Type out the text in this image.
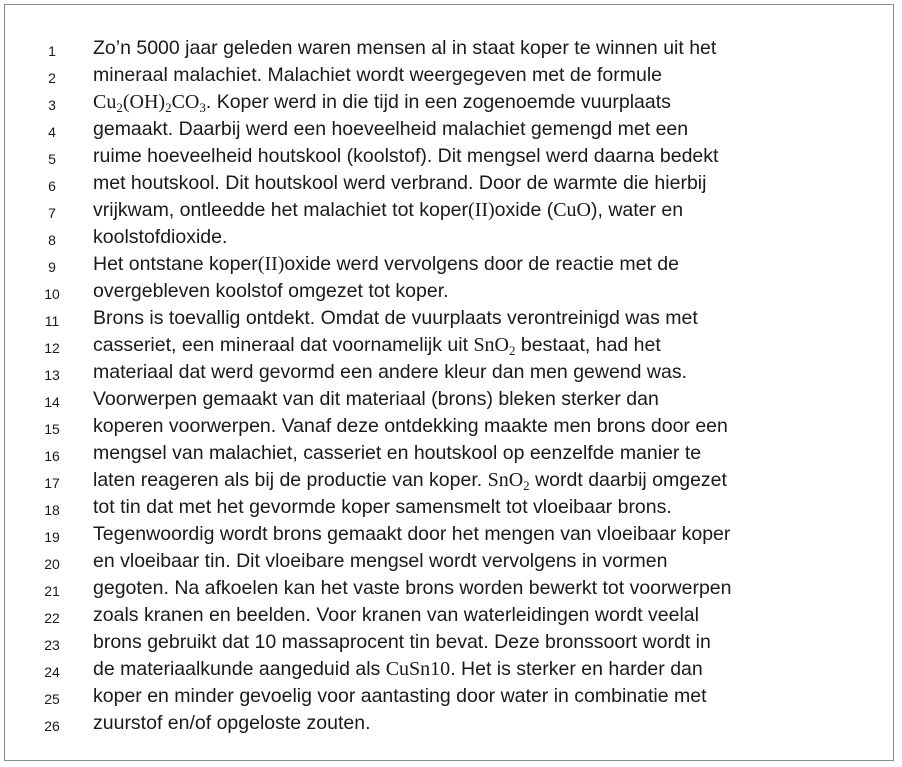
1	Zo’n 5000 jaar geleden waren mensen al in staat koper te winnen uit het
2	mineraal malachiet. Malachiet wordt weergegeven met de formule
3	$Cu_2(OH)_2CO_3$. Koper werd in die tijd in een zogenoemde vuurplaats
4	gemaakt. Daarbij werd een hoeveelheid malachiet gemengd met een
5	ruime hoeveelheid houtskool (koolstof). Dit mengsel werd daarna bedekt
6	met houtskool. Dit houtskool werd verbrand. Door de warmte die hierbij
7	vrijkwam, ontleedde het malachiet tot koper(II)oxide (CuO), water en
8	koolstofdioxide.
9	Het ontstane koper(II)oxide werd vervolgens door de reactie met de
10	overgebleven koolstof omgezet tot koper.
11	Brons is toevallig ontdekt. Omdat de vuurplaats verontreinigd was met
12	casseriet, een mineraal dat voornamelijk uit SnO$_2$ bestaat, had het
13	materiaal dat werd gevormd een andere kleur dan men gewend was.
14	Voorwerpen gemaakt van dit materiaal (brons) bleken sterker dan
15	koperen voorwerpen. Vanaf deze ontdekking maakte men brons door een
16	mengsel van malachiet, casseriet en houtskool op eenzelfde manier te
17	laten reageren als bij de productie van koper. SnO$_2$ wordt daarbij omgezet
18	tot tin dat met het gevormde koper samensmelt tot vloeibaar brons.
19	Tegenwoordig wordt brons gemaakt door het mengen van vloeibaar koper
20	en vloeibaar tin. Dit vloeibare mengsel wordt vervolgens in vormen
21	gegoten. Na afkoelen kan het vaste brons worden bewerkt tot voorwerpen
22	zoals kranen en beelden. Voor kranen van waterleidingen wordt veelal
23	brons gebruikt dat 10 massaprocent tin bevat. Deze bronssoort wordt in
24	de materiaalkunde aangeduid als CuSn10. Het is sterker en harder dan
25	koper en minder gevoelig voor aantasting door water in combinatie met
26	zuurstof en/of opgeloste zouten.
